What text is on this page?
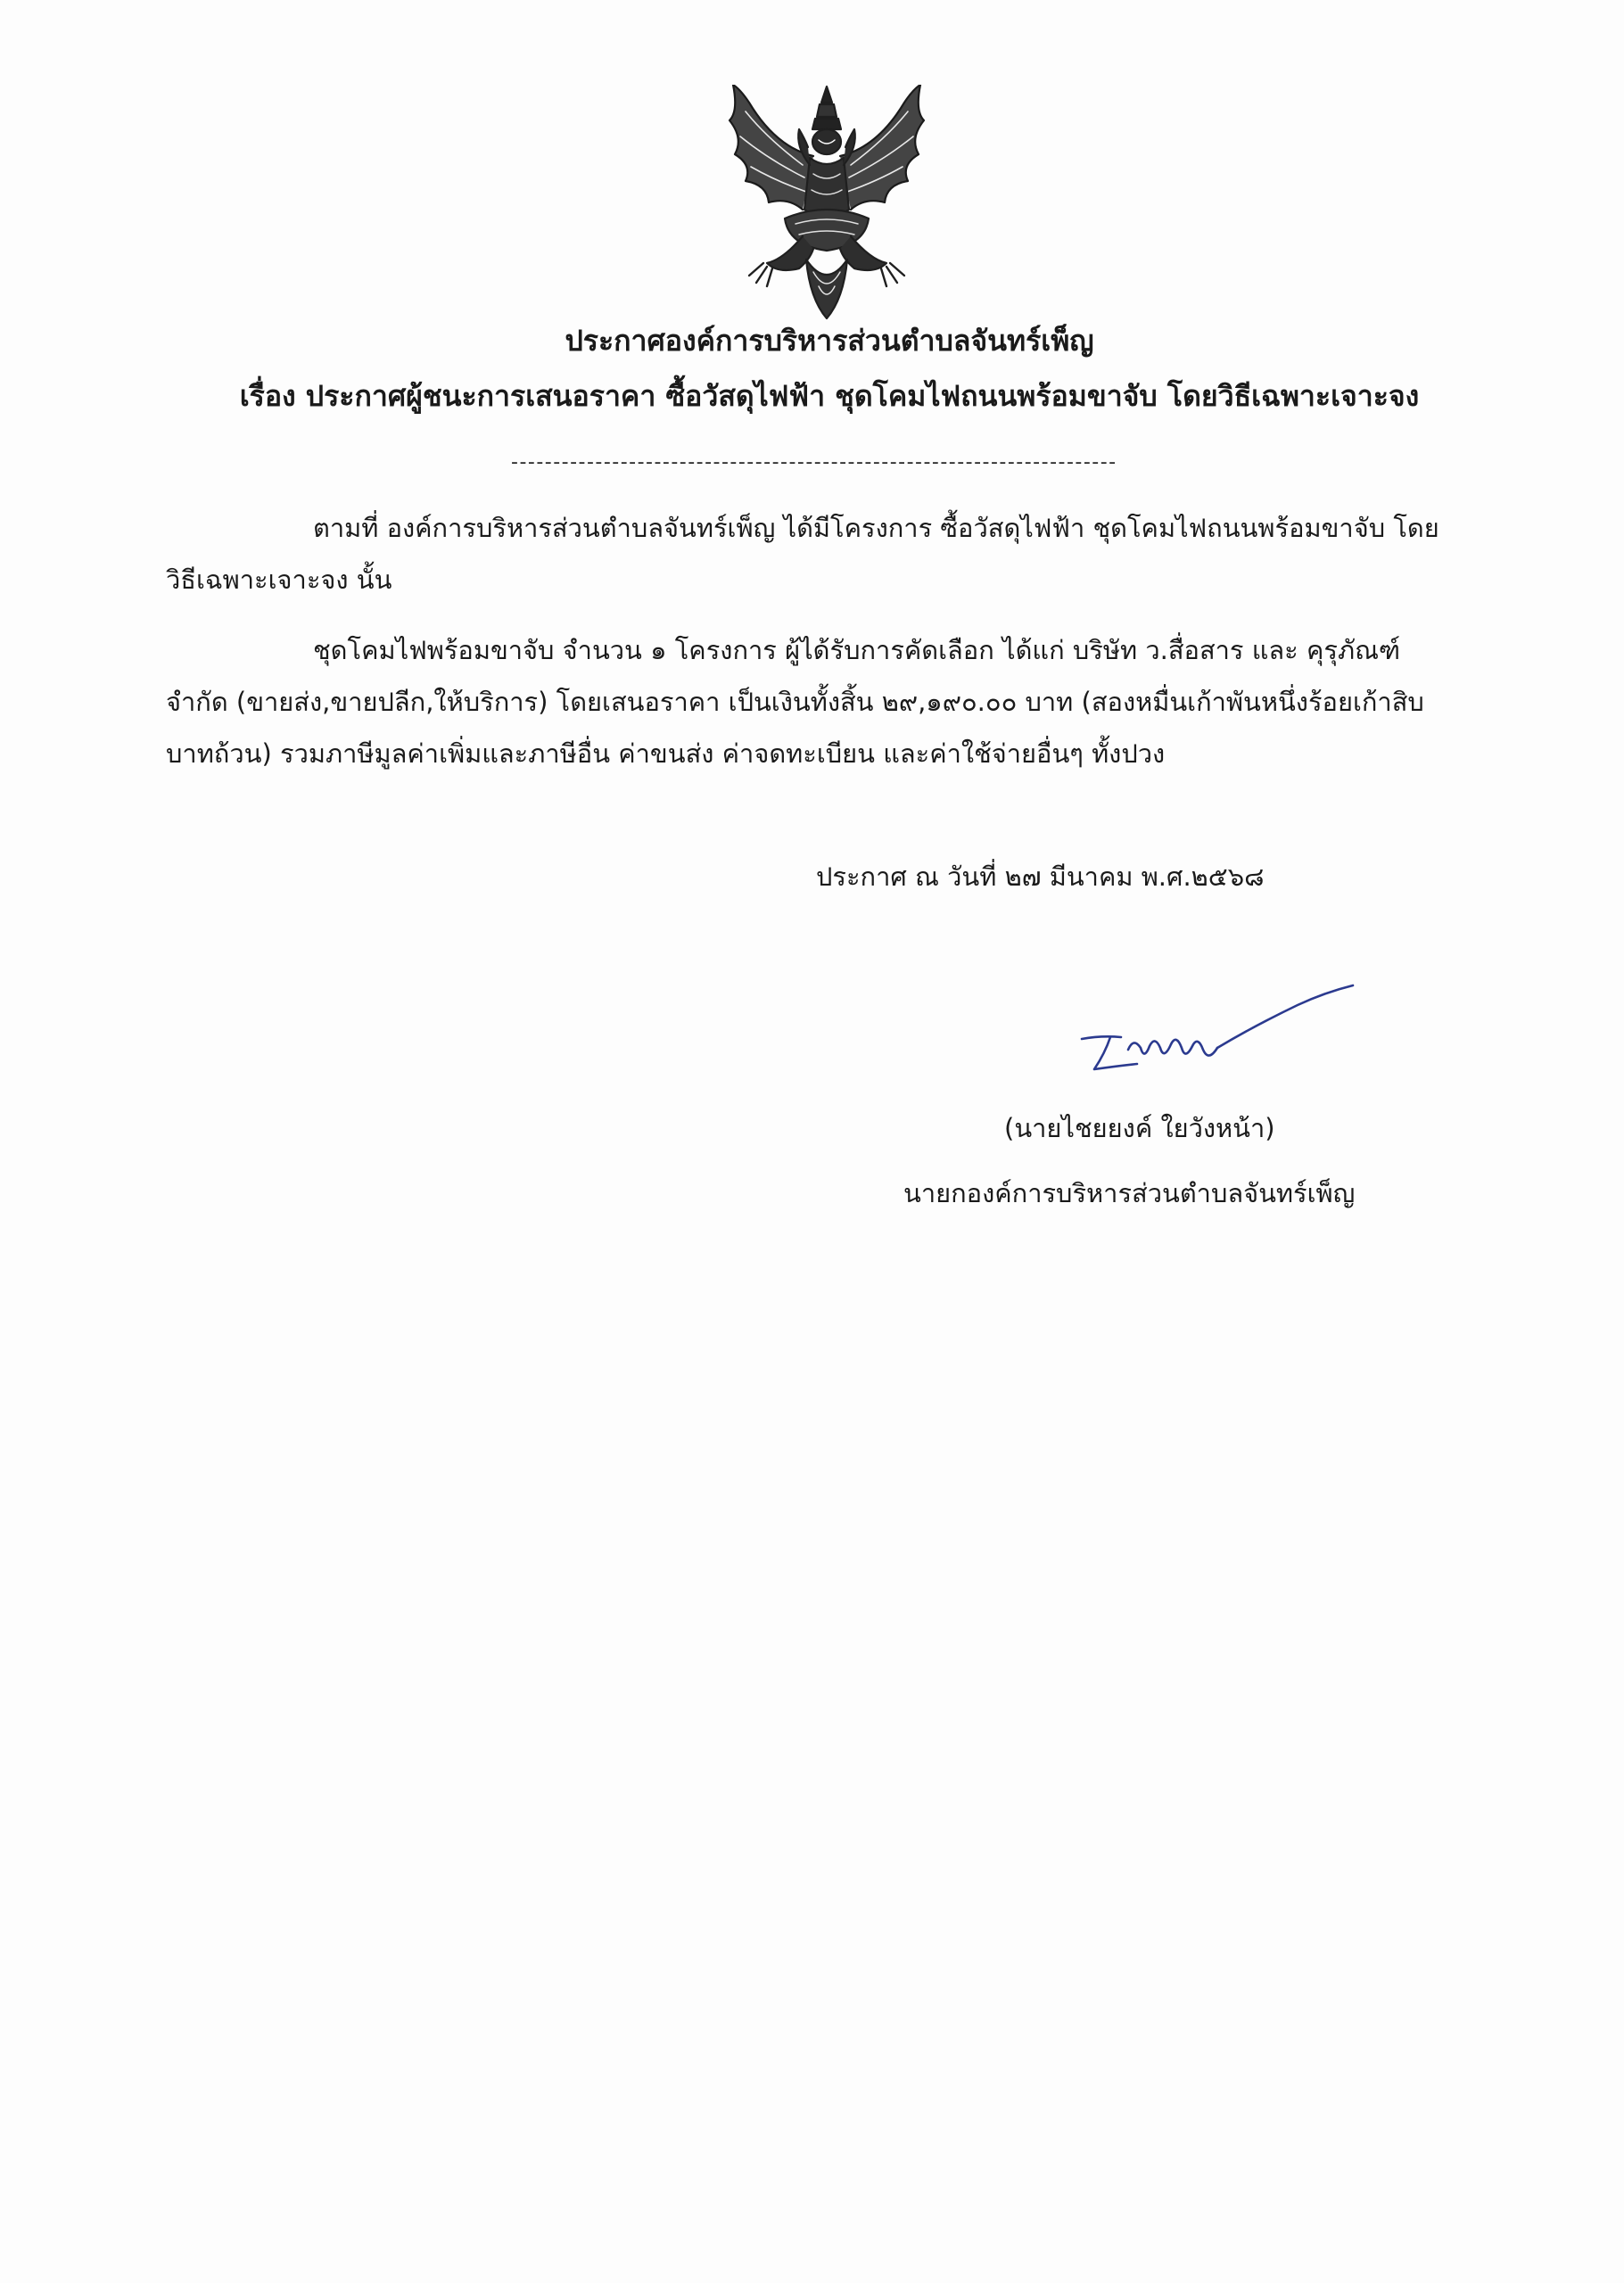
ประกาศองค์การบริหารส่วนตำบลจันทร์เพ็ญ
เรื่อง ประกาศผู้ชนะการเสนอราคา ซื้อวัสดุไฟฟ้า ชุดโคมไฟถนนพร้อมขาจับ โดยวิธีเฉพาะเจาะจง
------------------------------------------------------------------------
ตามที่ องค์การบริหารส่วนตำบลจันทร์เพ็ญ ได้มีโครงการ ซื้อวัสดุไฟฟ้า ชุดโคมไฟถนนพร้อมขาจับ โดย
วิธีเฉพาะเจาะจง นั้น
ชุดโคมไฟพร้อมขาจับ จำนวน ๑ โครงการ ผู้ได้รับการคัดเลือก ได้แก่ บริษัท ว.สื่อสาร และ คุรุภัณฑ์
จำกัด (ขายส่ง,ขายปลีก,ให้บริการ) โดยเสนอราคา เป็นเงินทั้งสิ้น ๒๙,๑๙๐.๐๐ บาท (สองหมื่นเก้าพันหนึ่งร้อยเก้าสิบ
บาทถ้วน) รวมภาษีมูลค่าเพิ่มและภาษีอื่น ค่าขนส่ง ค่าจดทะเบียน และค่าใช้จ่ายอื่นๆ ทั้งปวง
ประกาศ ณ วันที่ ๒๗ มีนาคม พ.ศ.๒๕๖๘
(นายไชยยงค์ ใยวังหน้า)
นายกองค์การบริหารส่วนตำบลจันทร์เพ็ญ
